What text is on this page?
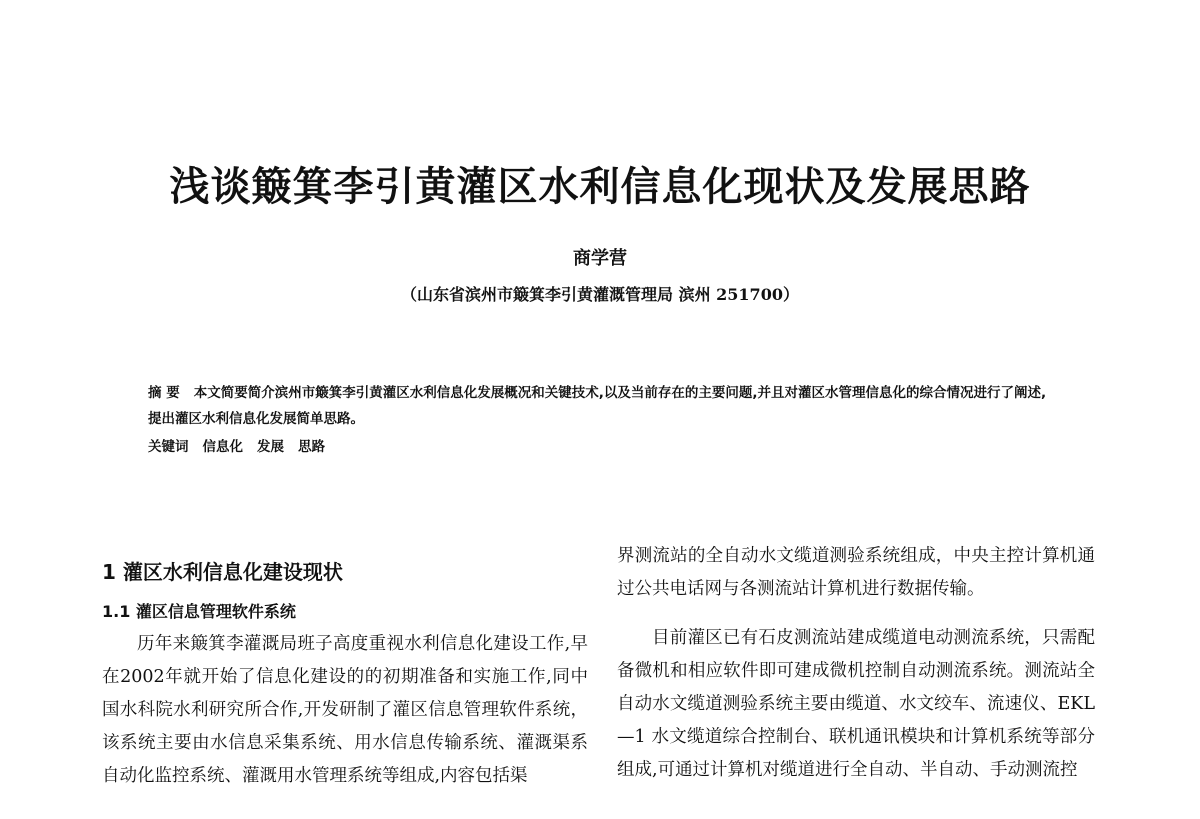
浅谈簸箕李引黄灌区水利信息化现状及发展思路
商学营
（山东省滨州市簸箕李引黄灌溉管理局 滨州 251700）
摘 要 本文简要简介滨州市簸箕李引黄灌区水利信息化发展概况和关键技术,以及当前存在的主要问题,并且对灌区水管理信息化的综合情况进行了阐述,提出灌区水利信息化发展简单思路。
关键词 信息化 发展 思路

1 灌区水利信息化建设现状

1.1 灌区信息管理软件系统

历年来簸箕李灌溉局班子高度重视水利信息化建设工作,早在2002年就开始了信息化建设的的初期准备和实施工作,同中国水科院水利研究所合作,开发研制了灌区信息管理软件系统，该系统主要由水信息采集系统、用水信息传输系统、灌溉渠系自动化监控系统、灌溉用水管理系统等组成,内容包括渠

界测流站的全自动水文缆道测验系统组成，中央主控计算机通过公共电话网与各测流站计算机进行数据传输。

目前灌区已有石皮测流站建成缆道电动测流系统，只需配备微机和相应软件即可建成微机控制自动测流系统。测流站全自动水文缆道测验系统主要由缆道、水文绞车、流速仪、EKL—1 水文缆道综合控制台、联机通讯模块和计算机系统等部分组成,可通过计算机对缆道进行全自动、半自动、手动测流控
